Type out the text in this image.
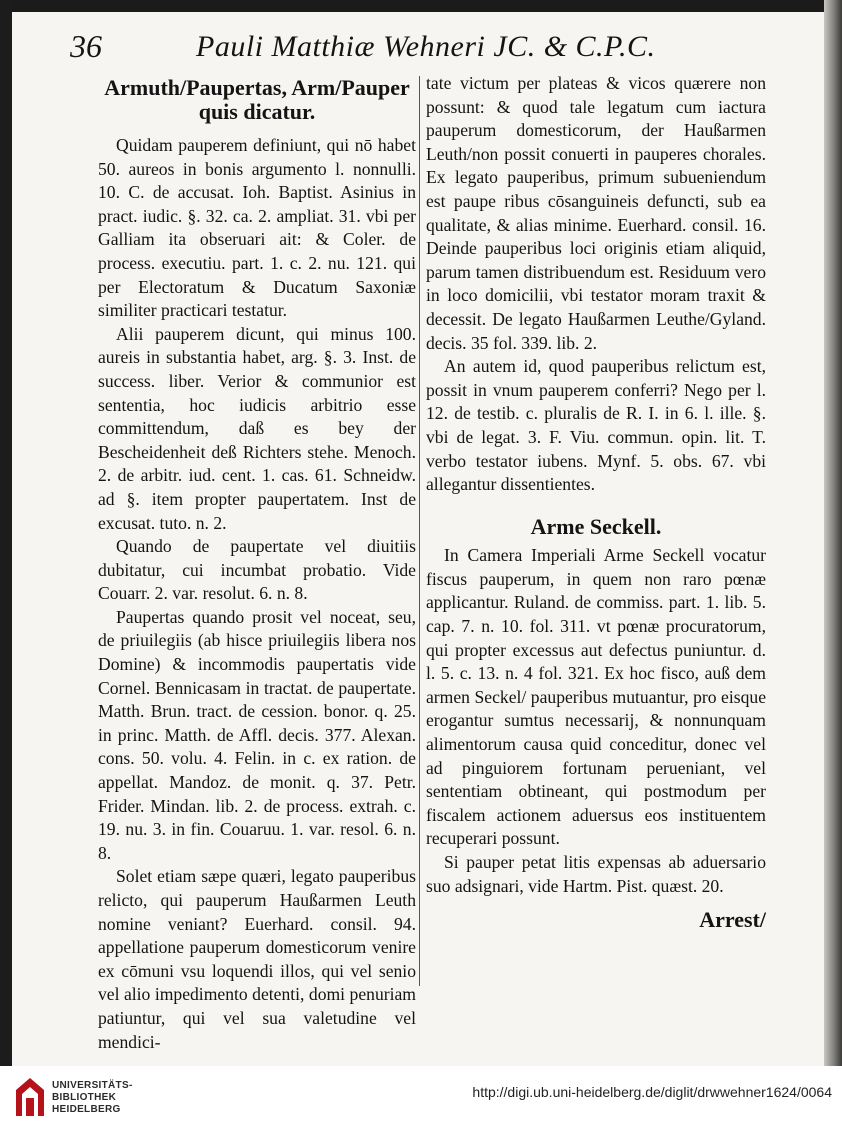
36	Pauli Matthiæ Wehneri JC. & C.P.C.

Armuth/Paupertas, Arm/Pauper quis dicatur.

Quidam pauperem definiunt, qui nō habet 50. aureos in bonis argumento l. nonnulli. 10. C. de accusat. Ioh. Baptist. Asinius in pract. iudic. §. 32. ca. 2. ampliat. 31. vbi per Galliam ita obseruari ait: & Coler. de process. executiu. part. 1. c. 2. nu. 121. qui per Electoratum & Ducatum Saxoniæ similiter practicari testatur.

Alii pauperem dicunt, qui minus 100. aureis in substantia habet, arg. §. 3. Inst. de success. liber. Verior & communior est sententia, hoc iudicis arbitrio esse committendum, daß es bey der Bescheidenheit deß Richters stehe. Menoch. 2. de arbitr. iud. cent. 1. cas. 61. Schneidw. ad §. item propter paupertatem. Inst de excusat. tuto. n. 2.

Quando de paupertate vel diuitiis dubitatur, cui incumbat probatio. Vide Couarr. 2. var. resolut. 6. n. 8.

Paupertas quando prosit vel noceat, seu, de priuilegiis (ab hisce priuilegiis libera nos Domine) & incommodis paupertatis vide Cornel. Bennicasam in tractat. de paupertate. Matth. Brun. tract. de cession. bonor. q. 25. in princ. Matth. de Affl. decis. 377. Alexan. cons. 50. volu. 4. Felin. in c. ex ration. de appellat. Mandoz. de monit. q. 37. Petr. Frider. Mindan. lib. 2. de process. extrah. c. 19. nu. 3. in fin. Couaruu. 1. var. resol. 6. n. 8.

Solet etiam sæpe quæri, legato pauperibus relicto, qui pauperum Haußarmen Leuth nomine veniant? Euerhard. consil. 94. appellatione pauperum domesticorum venire ex cōmuni vsu loquendi illos, qui vel senio vel alio impedimento detenti, domi penuriam patiuntur, qui vel sua valetudine vel mendici-

tate victum per plateas & vicos quærere non possunt: & quod tale legatum cum iactura pauperum domesticorum, der Haußarmen Leuth/non possit conuerti in pauperes chorales. Ex legato pauperibus, primum subueniendum est paupe ribus cōsanguineis defuncti, sub ea qualitate, & alias minime. Euerhard. consil. 16. Deinde pauperibus loci originis etiam aliquid, parum tamen distribuendum est. Residuum vero in loco domicilii, vbi testator moram traxit & decessit. De legato Haußarmen Leuthe/Gyland. decis. 35 fol. 339. lib. 2.

An autem id, quod pauperibus relictum est, possit in vnum pauperem conferri? Nego per l. 12. de testib. c. pluralis de R. I. in 6. l. ille. §. vbi de legat. 3. F. Viu. commun. opin. lit. T. verbo testator iubens. Mynf. 5. obs. 67. vbi allegantur dissentientes.

Arme Seckell.

In Camera Imperiali Arme Seckell vocatur fiscus pauperum, in quem non raro pœnæ applicantur. Ruland. de commiss. part. 1. lib. 5. cap. 7. n. 10. fol. 311. vt pœnæ procuratorum, qui propter excessus aut defectus puniuntur. d. l. 5. c. 13. n. 4 fol. 321. Ex hoc fisco, auß dem armen Seckel/ pauperibus mutuantur, pro eisque erogantur sumtus necessarij, & nonnunquam alimentorum causa quid conceditur, donec vel ad pinguiorem fortunam perueniant, vel sententiam obtineant, qui postmodum per fiscalem actionem aduersus eos instituentem recuperari possunt.

Si pauper petat litis expensas ab aduersario suo adsignari, vide Hartm. Pist. quæst. 20.

Arrest/

UNIVERSITÄTS-
BIBLIOTHEK
HEIDELBERG
http://digi.ub.uni-heidelberg.de/diglit/drwwehner1624/0064
